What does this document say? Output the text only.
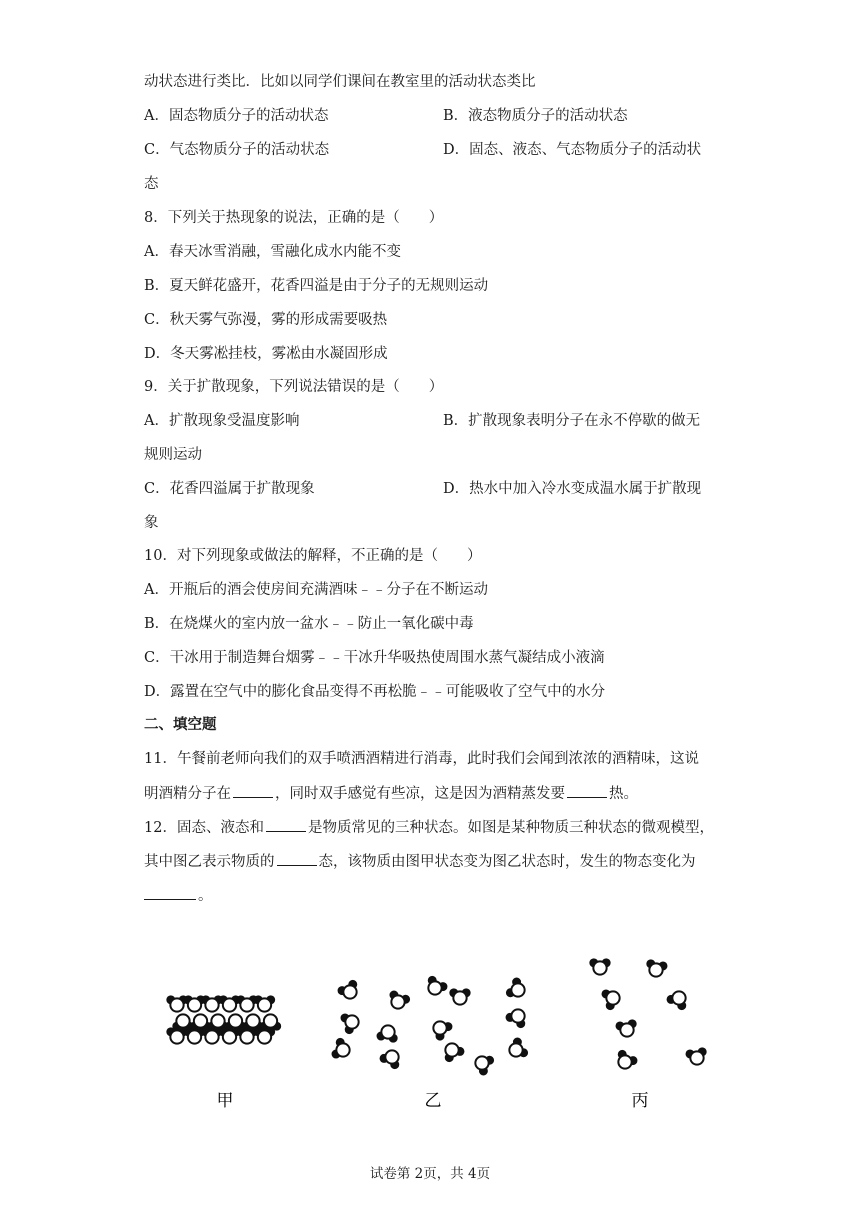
动状态进行类比．比如以同学们课间在教室里的活动状态类比
A．固态物质分子的活动状态	B．液态物质分子的活动状态
C．气态物质分子的活动状态	D．固态、液态、气态物质分子的活动状
态
8．下列关于热现象的说法，正确的是（　　）
A．春天冰雪消融，雪融化成水内能不变
B．夏天鲜花盛开，花香四溢是由于分子的无规则运动
C．秋天雾气弥漫，雾的形成需要吸热
D．冬天雾凇挂枝，雾凇由水凝固形成
9．关于扩散现象，下列说法错误的是（　　）
A．扩散现象受温度影响	B．扩散现象表明分子在永不停歇的做无
规则运动
C．花香四溢属于扩散现象	D．热水中加入冷水变成温水属于扩散现
象
10．对下列现象或做法的解释，不正确的是（　　）
A．开瓶后的酒会使房间充满酒味﹣﹣分子在不断运动
B．在烧煤火的室内放一盆水﹣﹣防止一氧化碳中毒
C．干冰用于制造舞台烟雾﹣﹣干冰升华吸热使周围水蒸气凝结成小液滴
D．露置在空气中的膨化食品变得不再松脆﹣﹣可能吸收了空气中的水分
二、填空题
11．午餐前老师向我们的双手喷洒酒精进行消毒，此时我们会闻到浓浓的酒精味，这说
明酒精分子在	，同时双手感觉有些凉，这是因为酒精蒸发要	热。
12．固态、液态和	是物质常见的三种状态。如图是某种物质三种状态的微观模型，
其中图乙表示物质的	态，该物质由图甲状态变为图乙状态时，发生的物态变化为
。
甲	乙	丙
试卷第 2页，共 4页
